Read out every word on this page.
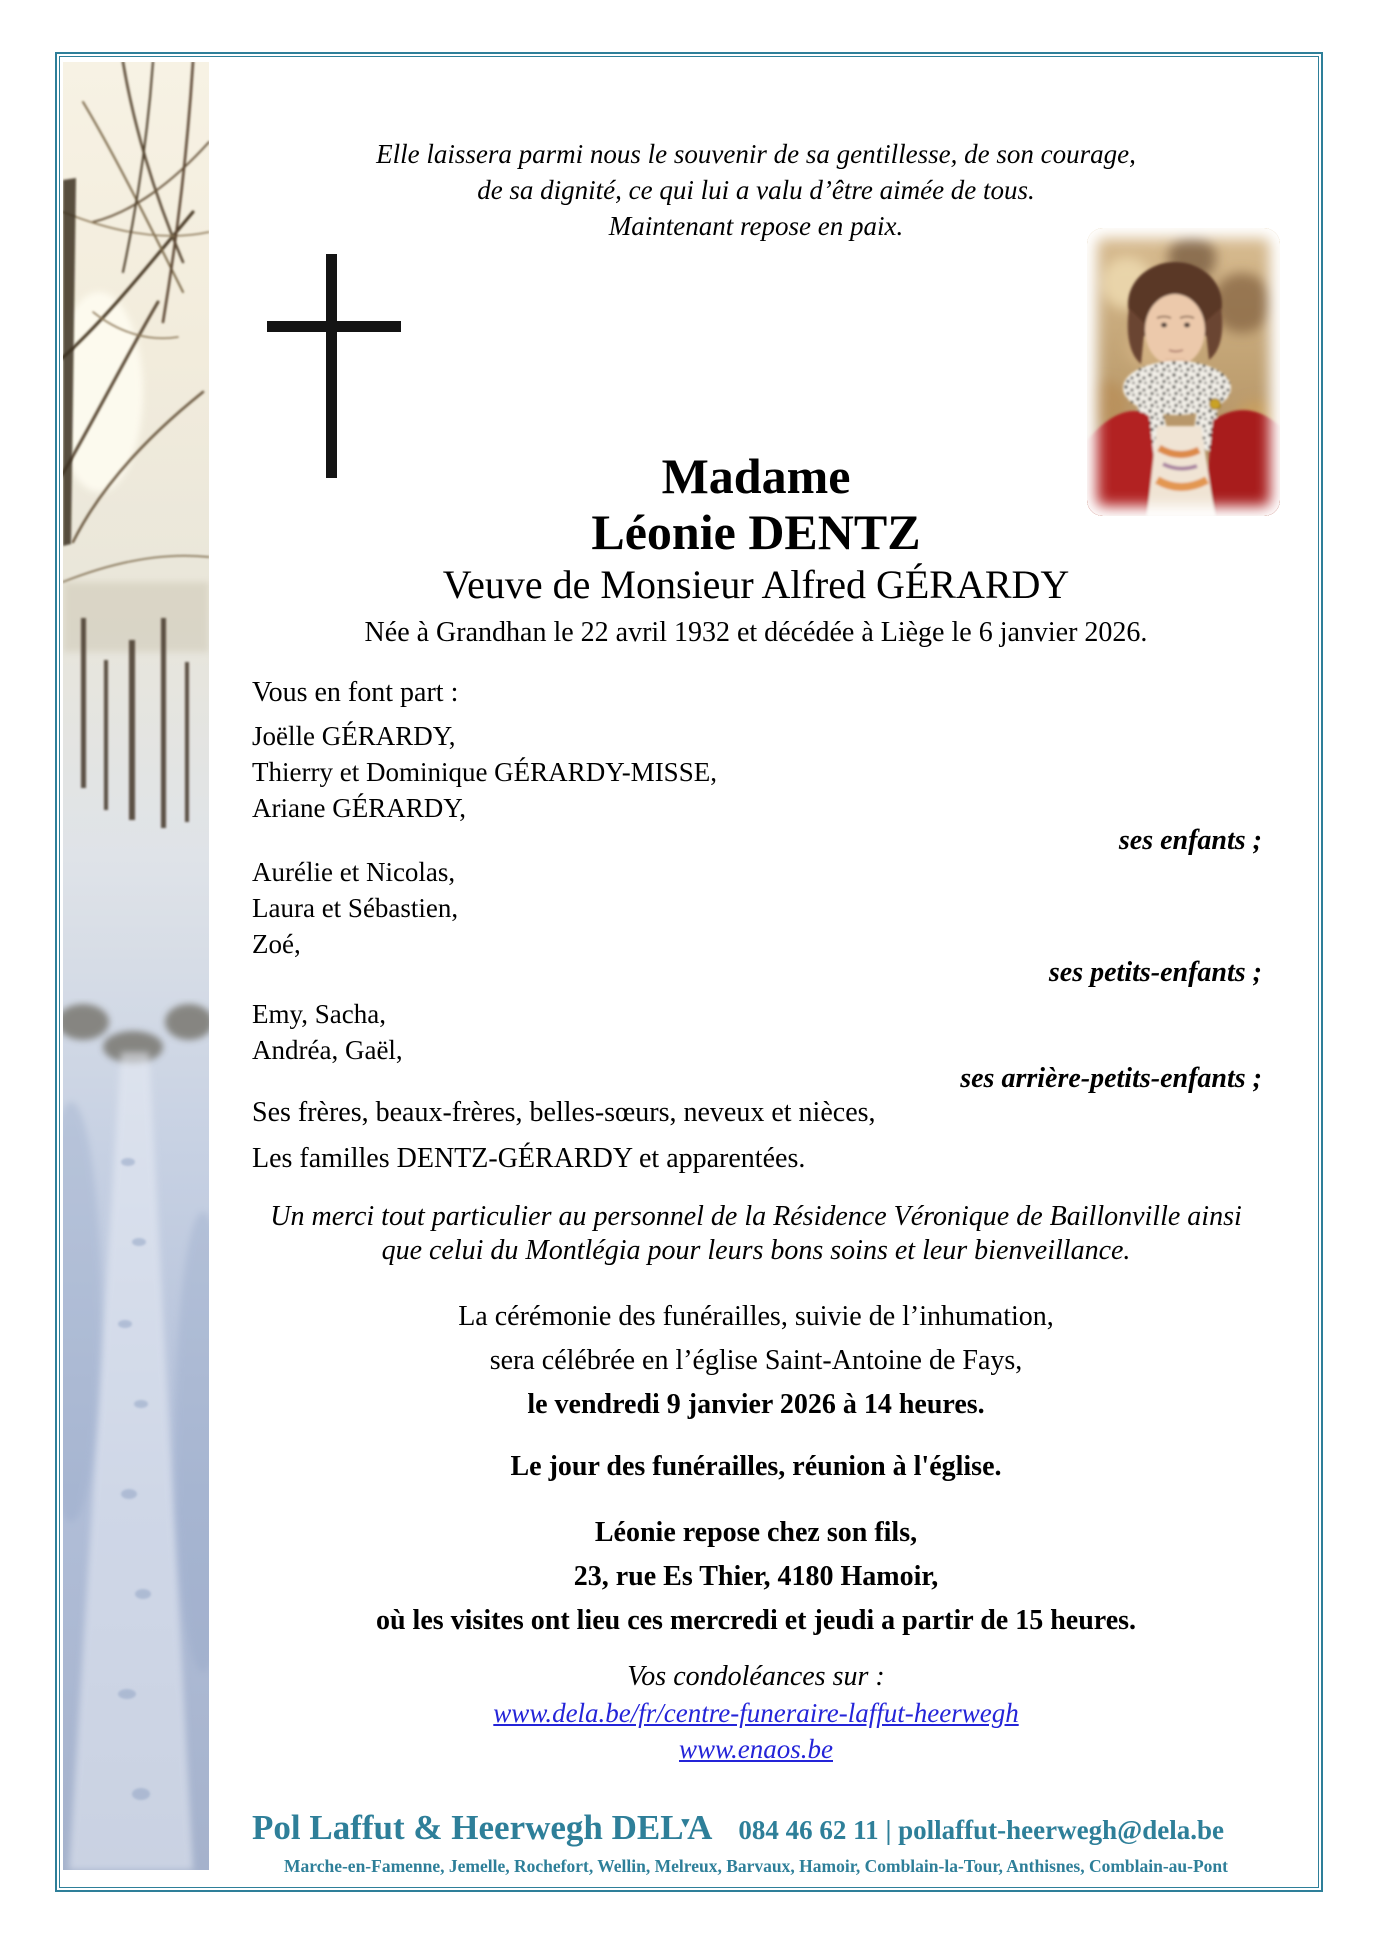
Elle laissera parmi nous le souvenir de sa gentillesse, de son courage,
de sa dignité, ce qui lui a valu d’être aimée de tous.
Maintenant repose en paix.
Madame
Léonie DENTZ
Veuve de Monsieur Alfred GÉRARDY
Née à Grandhan le 22 avril 1932 et décédée à Liège le 6 janvier 2026.
Vous en font part :
Joëlle GÉRARDY,
Thierry et Dominique GÉRARDY-MISSE,
Ariane GÉRARDY,
ses enfants ;
Aurélie et Nicolas,
Laura et Sébastien,
Zoé,
ses petits-enfants ;
Emy, Sacha,
Andréa, Gaël,
ses arrière-petits-enfants ;
Ses frères, beaux-frères, belles-sœurs, neveux et nièces,
Les familles DENTZ-GÉRARDY et apparentées.
Un merci tout particulier au personnel de la Résidence Véronique de Baillonville ainsi
que celui du Montlégia pour leurs bons soins et leur bienveillance.
La cérémonie des funérailles, suivie de l’inhumation,
sera célébrée en l’église Saint-Antoine de Fays,
le vendredi 9 janvier 2026 à 14 heures.
Le jour des funérailles, réunion à l'église.
Léonie repose chez son fils,
23, rue Es Thier, 4180 Hamoir,
où les visites ont lieu ces mercredi et jeudi a partir de 15 heures.
Vos condoléances sur :
www.dela.be/fr/centre-funeraire-laffut-heerwegh
www.enaos.be
Pol Laffut & Heerwegh DEL▾A 084 46 62 11 | pollaffut-heerwegh@dela.be
Marche-en-Famenne, Jemelle, Rochefort, Wellin, Melreux, Barvaux, Hamoir, Comblain-la-Tour, Anthisnes, Comblain-au-Pont
